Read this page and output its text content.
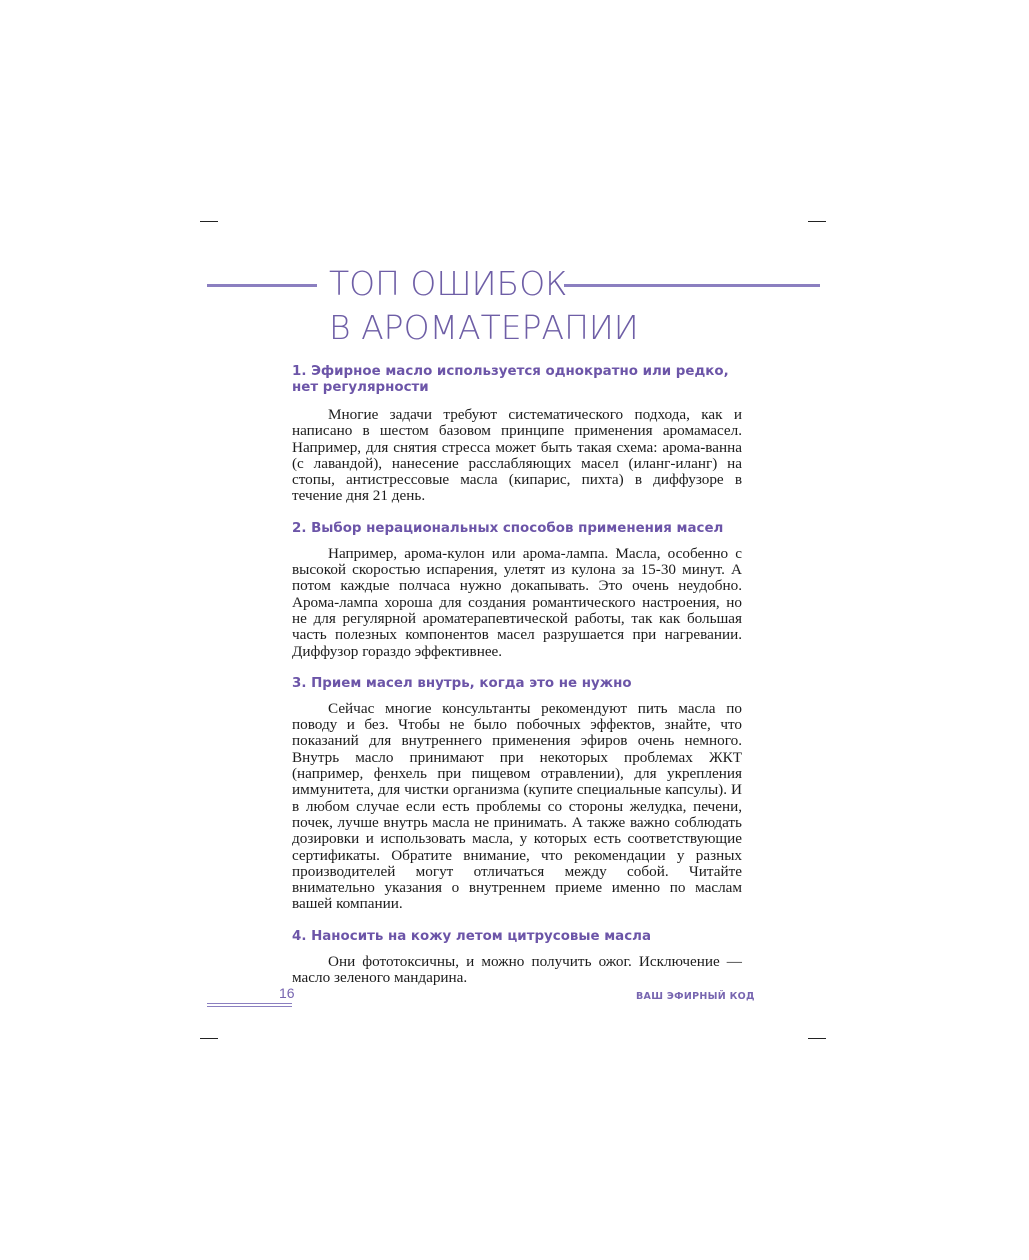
ТОП ОШИБОК
В АРОМАТЕРАПИИ
1. Эфирное масло используется однократно или редко, нет регулярности

Многие задачи требуют систематического подхода, как и написано в шестом базовом принципе применения аромамасел. Например, для снятия стресса может быть такая схема: арома-ванна (с лавандой), нанесение расслабляющих масел (иланг-иланг) на стопы, антистрессовые масла (кипарис, пихта) в диффузоре в течение дня 21 день.

2. Выбор нерациональных способов применения масел

Например, арома-кулон или арома-лампа. Масла, особенно с высокой скоростью испарения, улетят из кулона за 15-30 минут. А потом каждые полчаса нужно докапывать. Это очень неудобно. Арома-лампа хороша для создания романтического настроения, но не для регулярной ароматерапевтической работы, так как большая часть полезных компонентов масел разрушается при нагревании. Диффузор гораздо эффективнее.

3. Прием масел внутрь, когда это не нужно

Сейчас многие консультанты рекомендуют пить масла по поводу и без. Чтобы не было побочных эффектов, знайте, что показаний для внутреннего применения эфиров очень немного. Внутрь масло принимают при некоторых проблемах ЖКТ (например, фенхель при пищевом отравлении), для укрепления иммунитета, для чистки организма (купите специальные капсулы). И в любом случае если есть проблемы со стороны желудка, печени, почек, лучше внутрь масла не принимать. А также важно соблюдать дозировки и использовать масла, у которых есть соответствующие сертификаты. Обратите внимание, что рекомендации у разных производителей могут отличаться между собой. Читайте внимательно указания о внутреннем приеме именно по маслам вашей компании.

4. Наносить на кожу летом цитрусовые масла

Они фототоксичны, и можно получить ожог. Исключение — масло зеленого мандарина.

16	ВАШ ЭФИРНЫЙ КОД
